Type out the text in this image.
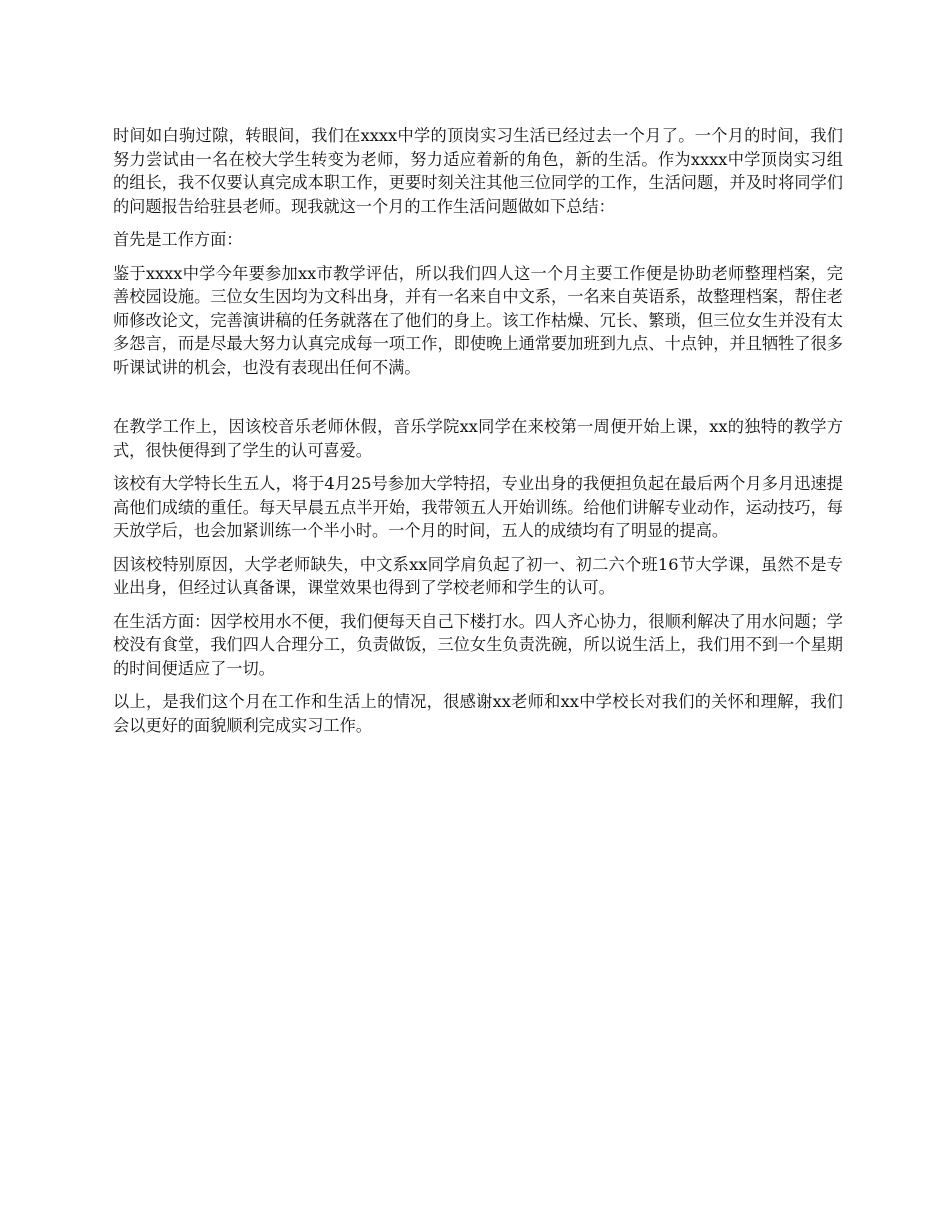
时间如白驹过隙，转眼间，我们在xxxx中学的顶岗实习生活已经过去一个月了。一个月的时间，我们努力尝试由一名在校大学生转变为老师，努力适应着新的角色，新的生活。作为xxxx中学顶岗实习组的组长，我不仅要认真完成本职工作，更要时刻关注其他三位同学的工作，生活问题，并及时将同学们的问题报告给驻县老师。现我就这一个月的工作生活问题做如下总结：

首先是工作方面：

鉴于xxxx中学今年要参加xx市教学评估，所以我们四人这一个月主要工作便是协助老师整理档案，完善校园设施。三位女生因均为文科出身，并有一名来自中文系，一名来自英语系，故整理档案，帮住老师修改论文，完善演讲稿的任务就落在了他们的身上。该工作枯燥、冗长、繁琐，但三位女生并没有太多怨言，而是尽最大努力认真完成每一项工作，即使晚上通常要加班到九点、十点钟，并且牺牲了很多听课试讲的机会，也没有表现出任何不满。

在教学工作上，因该校音乐老师休假，音乐学院xx同学在来校第一周便开始上课，xx的独特的教学方式，很快便得到了学生的认可喜爱。

该校有大学特长生五人，将于4月25号参加大学特招，专业出身的我便担负起在最后两个月多月迅速提高他们成绩的重任。每天早晨五点半开始，我带领五人开始训练。给他们讲解专业动作，运动技巧，每天放学后，也会加紧训练一个半小时。一个月的时间，五人的成绩均有了明显的提高。

因该校特别原因，大学老师缺失，中文系xx同学肩负起了初一、初二六个班16节大学课，虽然不是专业出身，但经过认真备课，课堂效果也得到了学校老师和学生的认可。

在生活方面：因学校用水不便，我们便每天自己下楼打水。四人齐心协力，很顺利解决了用水问题；学校没有食堂，我们四人合理分工，负责做饭，三位女生负责洗碗，所以说生活上，我们用不到一个星期的时间便适应了一切。

以上，是我们这个月在工作和生活上的情况，很感谢xx老师和xx中学校长对我们的关怀和理解，我们会以更好的面貌顺利完成实习工作。
